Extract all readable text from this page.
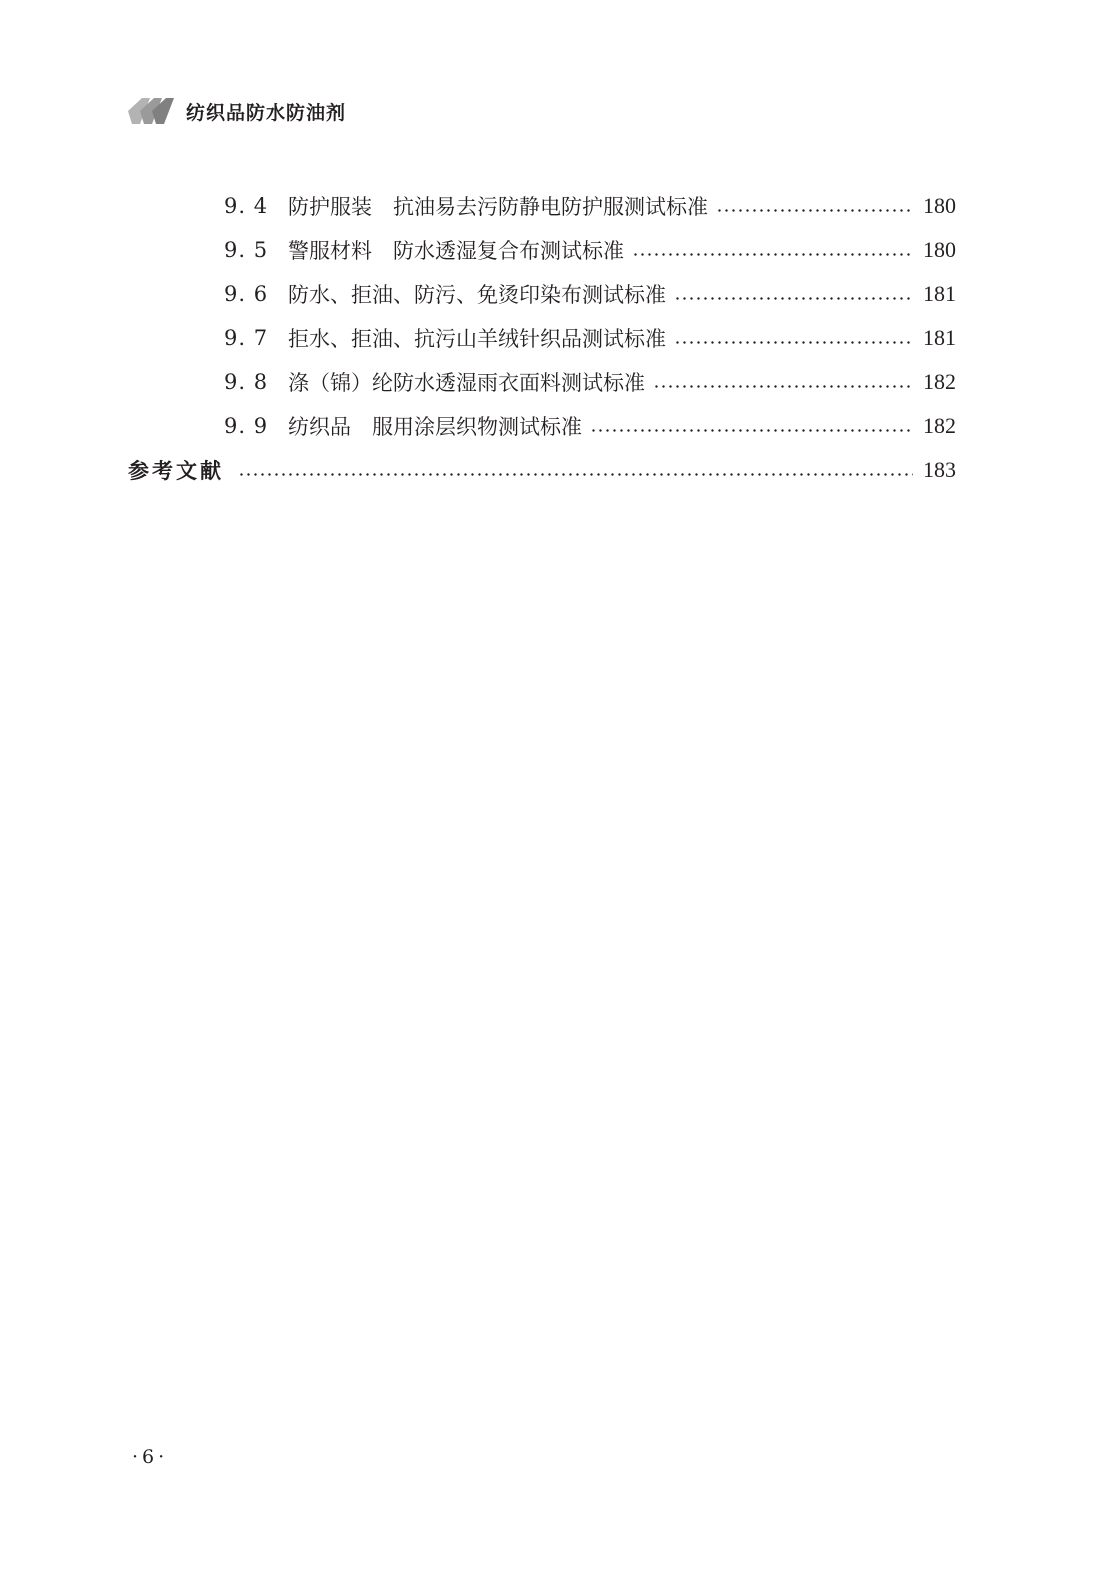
纺织品防水防油剂
9. 4 防护服装　抗油易去污防静电防护服测试标准	180
9. 5 警服材料　防水透湿复合布测试标准	180
9. 6 防水、拒油、防污、免烫印染布测试标准	181
9. 7 拒水、拒油、抗污山羊绒针织品测试标准	181
9. 8 涤（锦）纶防水透湿雨衣面料测试标准	182
9. 9 纺织品　服用涂层织物测试标准	182
参考文献	183
·6·
